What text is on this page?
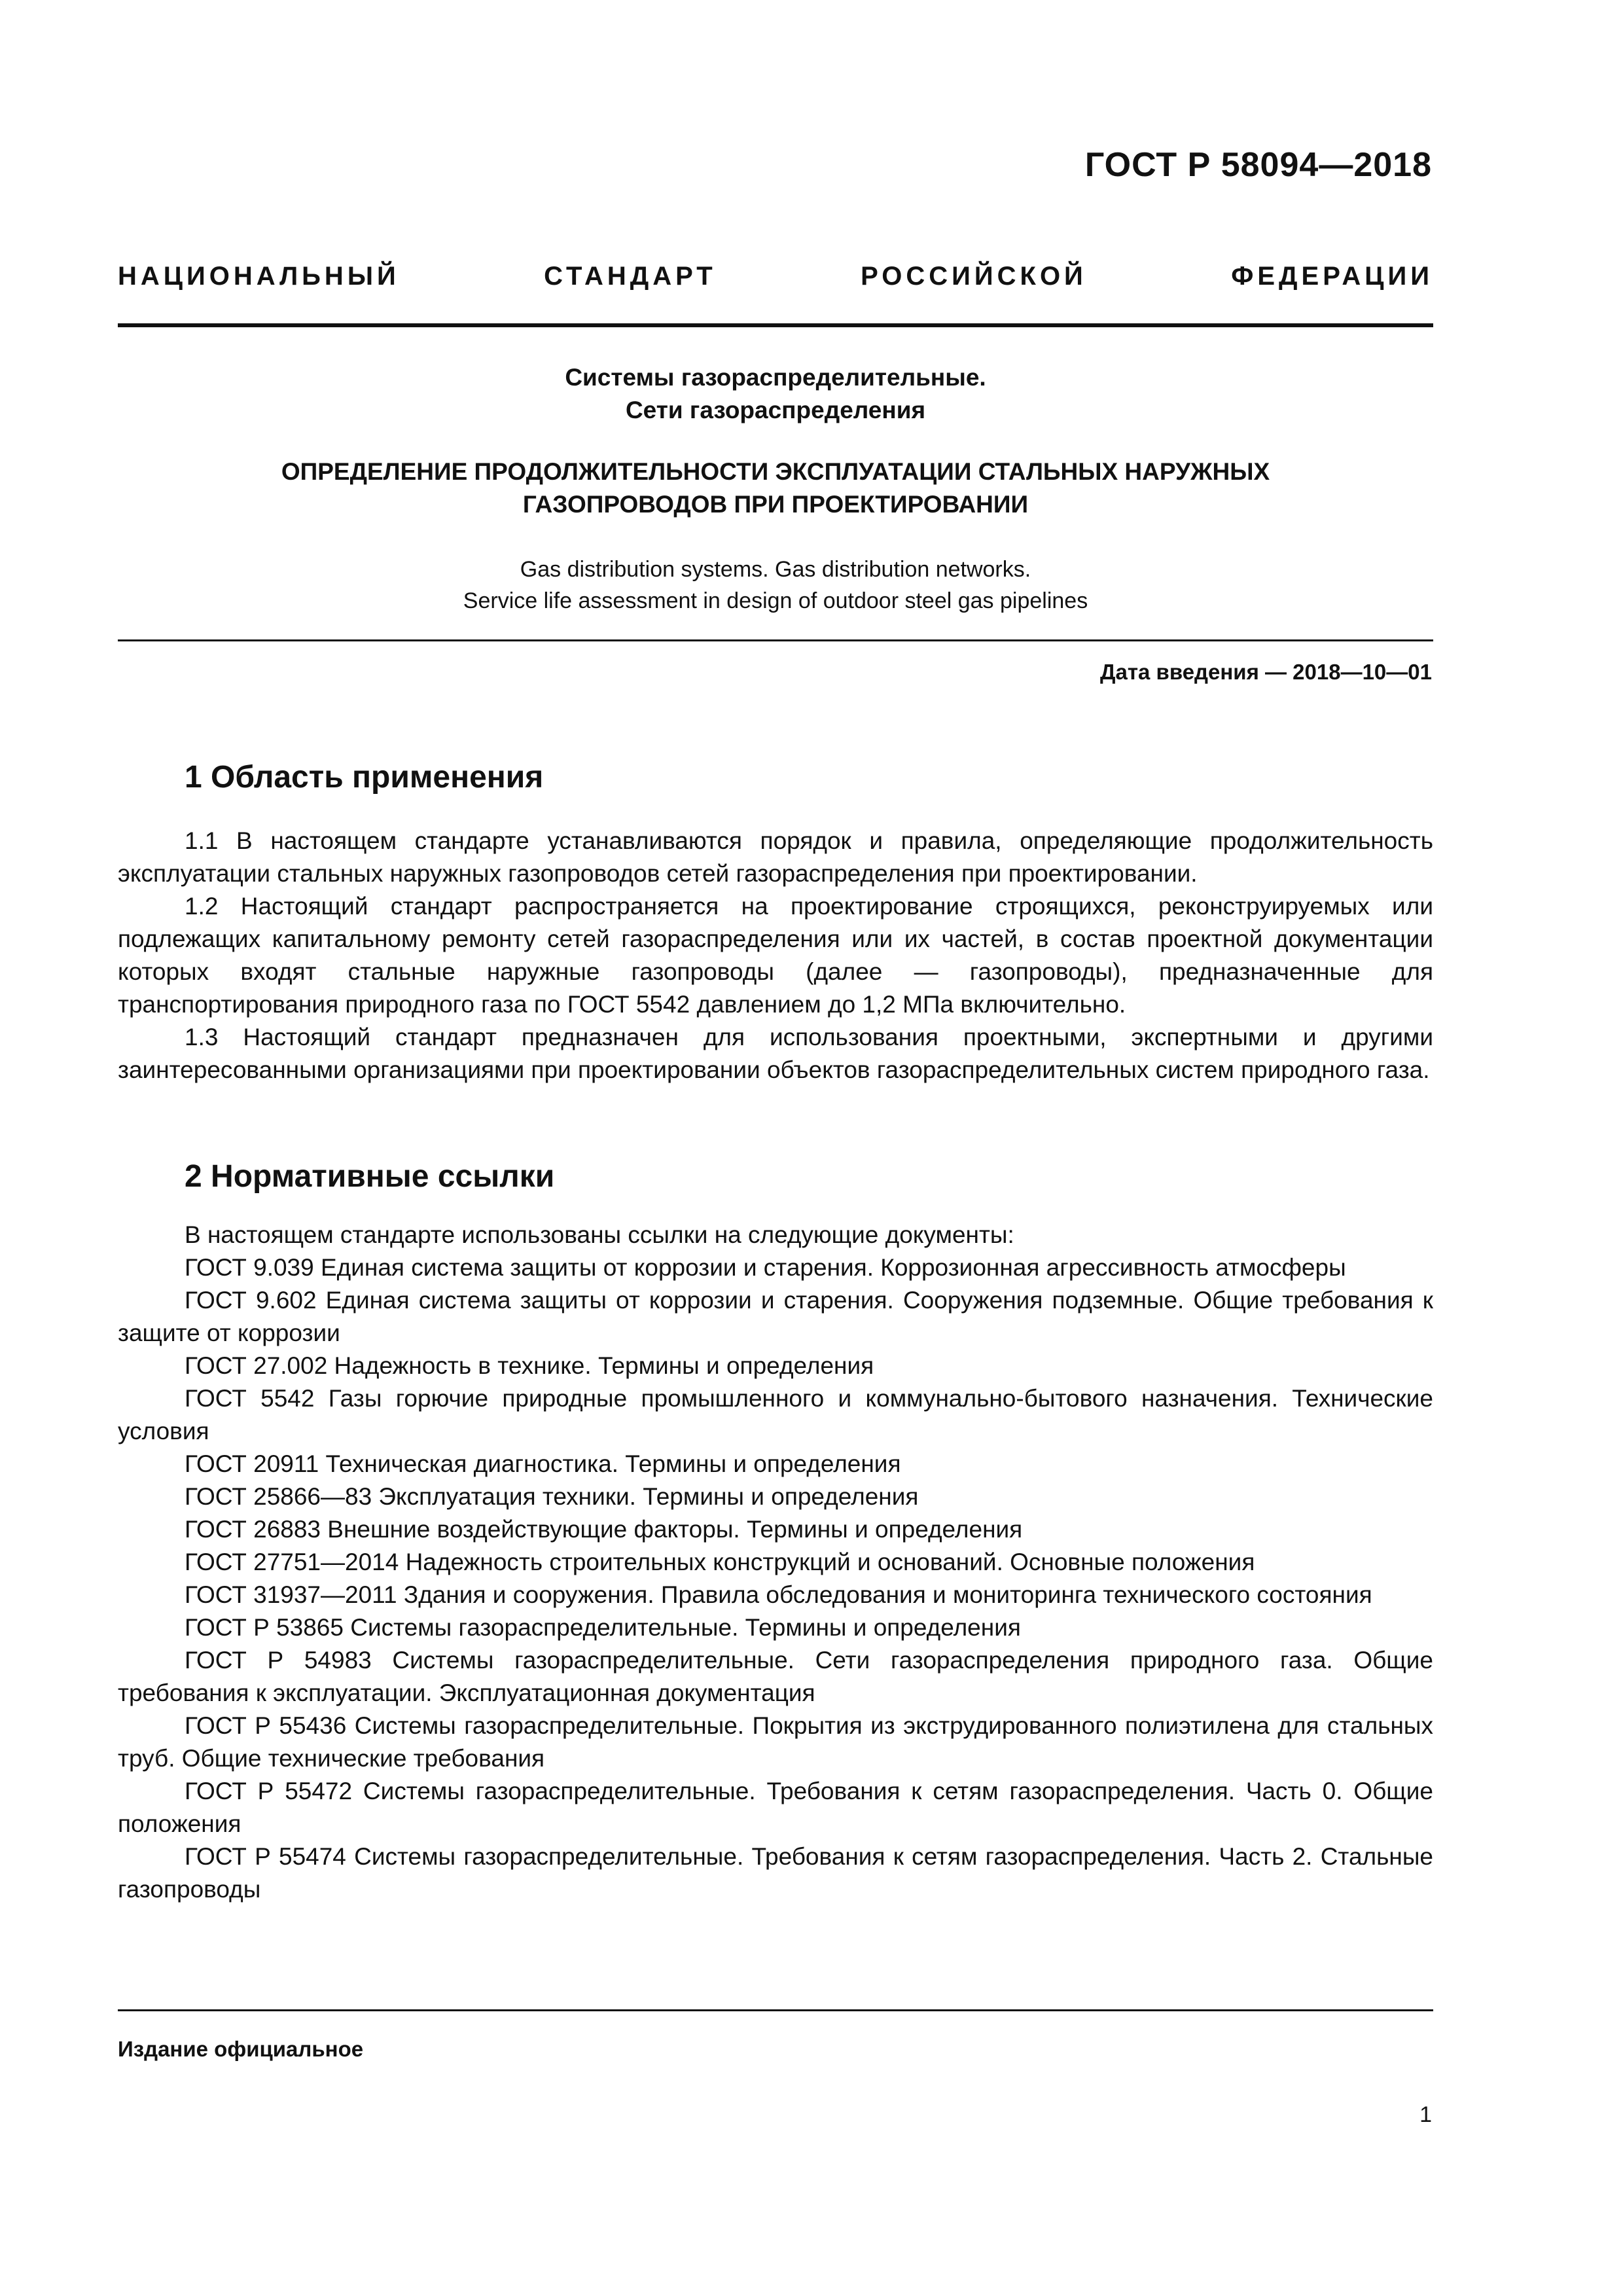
ГОСТ Р 58094—2018
НАЦИОНАЛЬНЫЙ СТАНДАРТ РОССИЙСКОЙ ФЕДЕРАЦИИ
Системы газораспределительные.
Сети газораспределения
ОПРЕДЕЛЕНИЕ ПРОДОЛЖИТЕЛЬНОСТИ ЭКСПЛУАТАЦИИ СТАЛЬНЫХ НАРУЖНЫХ
ГАЗОПРОВОДОВ ПРИ ПРОЕКТИРОВАНИИ
Gas distribution systems. Gas distribution networks.
Service life assessment in design of outdoor steel gas pipelines
Дата введения — 2018—10—01
1 Область применения

1.1 В настоящем стандарте устанавливаются порядок и правила, определяющие продолжительность эксплуатации стальных наружных газопроводов сетей газораспределения при проектировании.

1.2 Настоящий стандарт распространяется на проектирование строящихся, реконструируемых или подлежащих капитальному ремонту сетей газораспределения или их частей, в состав проектной документации которых входят стальные наружные газопроводы (далее — газопроводы), предназначенные для транспортирования природного газа по ГОСТ 5542 давлением до 1,2 МПа включительно.

1.3 Настоящий стандарт предназначен для использования проектными, экспертными и другими заинтересованными организациями при проектировании объектов газораспределительных систем природного газа.

2 Нормативные ссылки

В настоящем стандарте использованы ссылки на следующие документы:

ГОСТ 9.039 Единая система защиты от коррозии и старения. Коррозионная агрессивность атмосферы

ГОСТ 9.602 Единая система защиты от коррозии и старения. Сооружения подземные. Общие требования к защите от коррозии

ГОСТ 27.002 Надежность в технике. Термины и определения

ГОСТ 5542 Газы горючие природные промышленного и коммунально-бытового назначения. Технические условия

ГОСТ 20911 Техническая диагностика. Термины и определения

ГОСТ 25866—83 Эксплуатация техники. Термины и определения

ГОСТ 26883 Внешние воздействующие факторы. Термины и определения

ГОСТ 27751—2014 Надежность строительных конструкций и оснований. Основные положения

ГОСТ 31937—2011 Здания и сооружения. Правила обследования и мониторинга технического состояния

ГОСТ Р 53865 Системы газораспределительные. Термины и определения

ГОСТ Р 54983 Системы газораспределительные. Сети газораспределения природного газа. Общие требования к эксплуатации. Эксплуатационная документация

ГОСТ Р 55436 Системы газораспределительные. Покрытия из экструдированного полиэтилена для стальных труб. Общие технические требования

ГОСТ Р 55472 Системы газораспределительные. Требования к сетям газораспределения. Часть 0. Общие положения

ГОСТ Р 55474 Системы газораспределительные. Требования к сетям газораспределения. Часть 2. Стальные газопроводы

Издание официальное
1
